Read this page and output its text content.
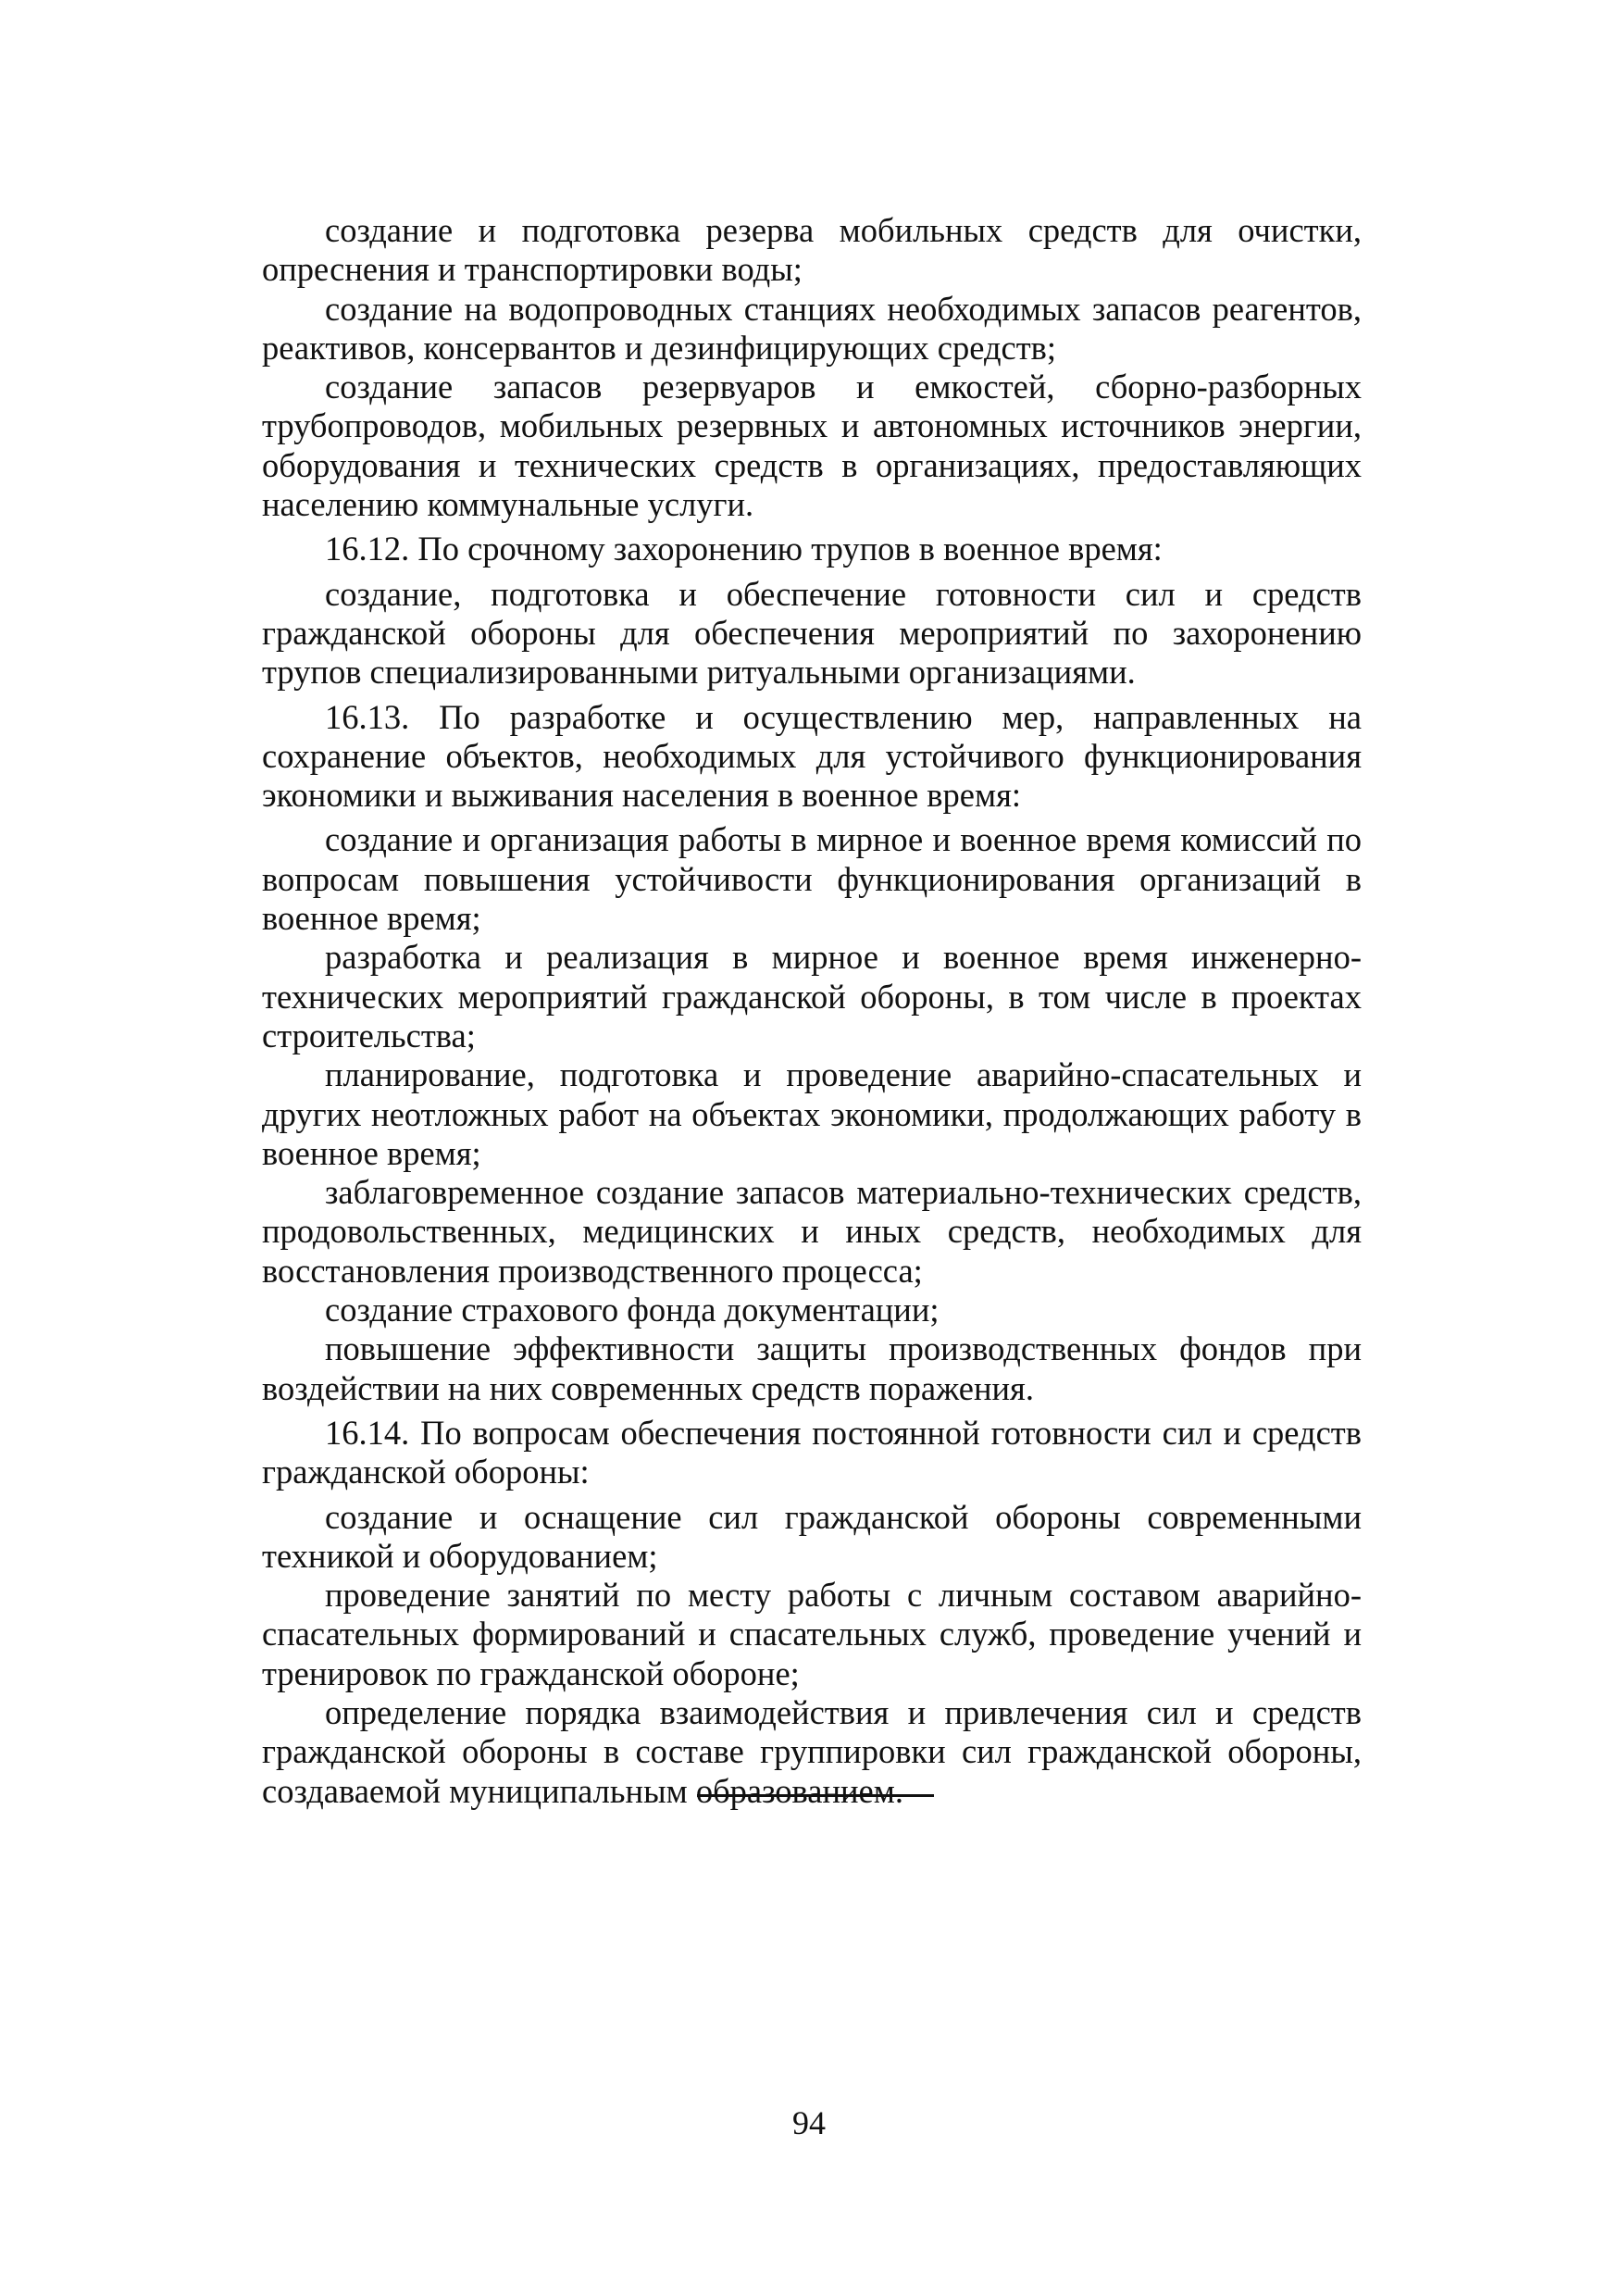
создание и подготовка резерва мобильных средств для очистки, опреснения и транспортировки воды;

создание на водопроводных станциях необходимых запасов реагентов, реактивов, консервантов и дезинфицирующих средств;

создание запасов резервуаров и емкостей, сборно-разборных трубопроводов, мобильных резервных и автономных источников энергии, оборудования и технических средств в организациях, предоставляющих населению коммунальные услуги.

16.12. По срочному захоронению трупов в военное время:

создание, подготовка и обеспечение готовности сил и средств гражданской обороны для обеспечения мероприятий по захоронению трупов специализированными ритуальными организациями.

16.13. По разработке и осуществлению мер, направленных на сохранение объектов, необходимых для устойчивого функционирования экономики и выживания населения в военное время:

создание и организация работы в мирное и военное время комиссий по вопросам повышения устойчивости функционирования организаций в военное время;

разработка и реализация в мирное и военное время инженерно-технических мероприятий гражданской обороны, в том числе в проектах строительства;

планирование, подготовка и проведение аварийно-спасательных и других неотложных работ на объектах экономики, продолжающих работу в военное время;

заблаговременное создание запасов материально-технических средств, продовольственных, медицинских и иных средств, необходимых для восстановления производственного процесса;

создание страхового фонда документации;

повышение эффективности защиты производственных фондов при воздействии на них современных средств поражения.

16.14. По вопросам обеспечения постоянной готовности сил и средств гражданской обороны:

создание и оснащение сил гражданской обороны современными техникой и оборудованием;

проведение занятий по месту работы с личным составом аварийно-спасательных формирований и спасательных служб, проведение учений и тренировок по гражданской обороне;

определение порядка взаимодействия и привлечения сил и средств гражданской обороны в составе группировки сил гражданской обороны, создаваемой муниципальным образованием.

94
